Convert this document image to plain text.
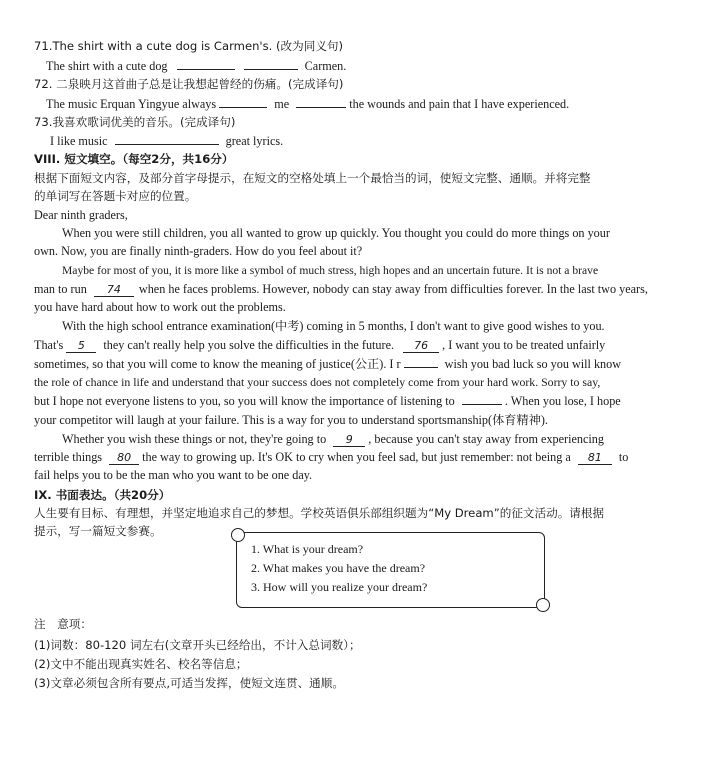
71.The shirt with a cute dog is Carmen's. (改为同义句)
The shirt with a cute dog	Carmen.
72. 二泉映月这首曲子总是让我想起曾经的伤痛。(完成译句)
The music Erquan Yingyue always	me	the wounds and pain that I have experienced.
73.我喜欢歌词优美的音乐。(完成译句)
I like music	great lyrics.
VIII. 短文填空。（每空2分，共16分）
根据下面短文内容，及部分首字母提示，在短文的空格处填上一个最恰当的词，使短文完整、通顺。并将完整
的单词写在答题卡对应的位置。
Dear ninth graders,
When you were still children, you all wanted to grow up quickly. You thought you could do more things on your
own. Now, you are finally ninth-graders. How do you feel about it?
Maybe for most of you, it is more like a symbol of much stress, high hopes and an uncertain future. It is not a brave
man to run 74 when he faces problems. However, nobody can stay away from difficulties forever. In the last two years,
you have hard about how to work out the problems.
With the high school entrance examination(中考) coming in 5 months, I don't want to give good wishes to you.
That's 5 they can't really help you solve the difficulties in the future. 76 , I want you to be treated unfairly
sometimes, so that you will come to know the meaning of justice(公正). I r	wish you bad luck so you will know
the role of chance in life and understand that your success does not completely come from your hard work. Sorry to say,
but I hope not everyone listens to you, so you will know the importance of listening to	. When you lose, I hope
your competitor will laugh at your failure. This is a way for you to understand sportsmanship(体育精神).
Whether you wish these things or not, they're going to 9 , because you can't stay away from experiencing
terrible things 80 the way to growing up. It's OK to cry when you feel sad, but just remember: not being a 81 to
fail helps you to be the man who you want to be one day.
IX. 书面表达。（共20分）
人生要有目标、有理想，并坚定地追求自己的梦想。学校英语俱乐部组织题为“My Dream”的征文活动。请根据
提示，写一篇短文参赛。
1. What is your dream?
2. What makes you have the dream?
3. How will you realize your dream?
注　意项：
(1)词数：80-120 词左右(文章开头已经给出，不计入总词数）；
(2)文中不能出现真实姓名、校名等信息；
(3)文章必须包含所有要点,可适当发挥，使短文连贯、通顺。
